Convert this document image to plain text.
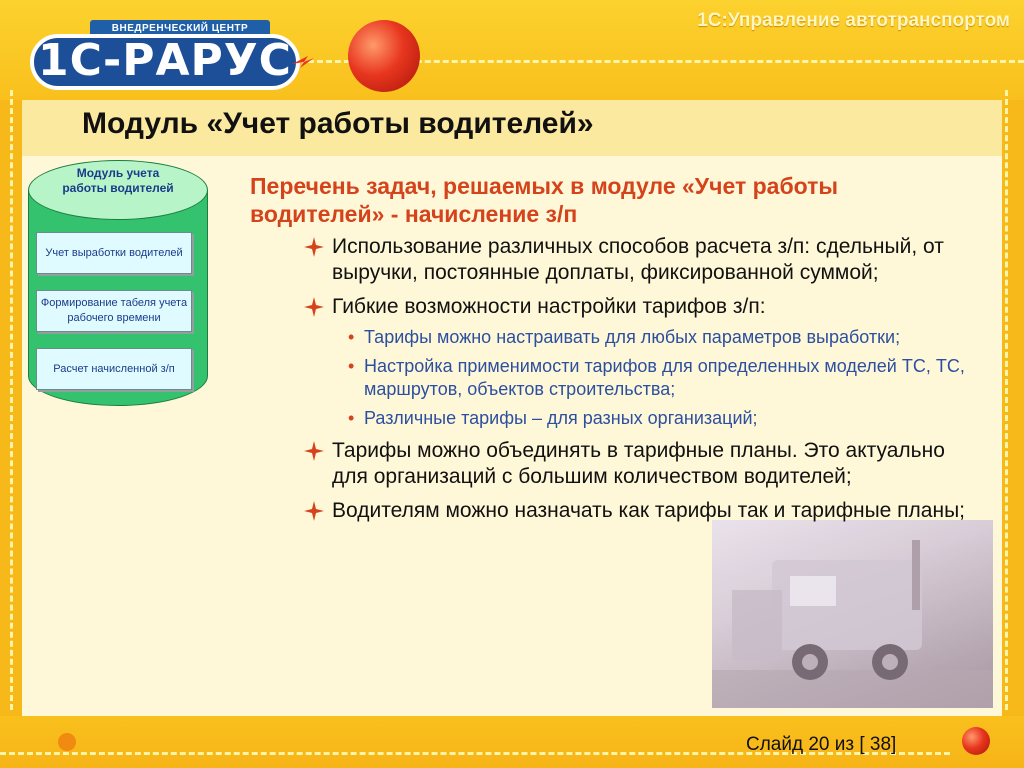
ВНЕДРЕНЧЕСКИЙ ЦЕНТР
1С-РАРУС
1С:Управление автотранспортом
Модуль «Учет работы водителей»
Модуль учета работы водителей
Учет выработки водителей
Формирование табеля учета рабочего времени
Расчет начисленной з/п
Перечень задач, решаемых в модуле «Учет работы водителей» - начисление з/п
Использование различных способов расчета з/п: сдельный, от выручки, постоянные доплаты, фиксированной суммой;
Гибкие возможности настройки тарифов з/п:
• Тарифы можно настраивать для любых параметров выработки;
• Настройка применимости тарифов для определенных моделей ТС, ТС, маршрутов, объектов строительства;
• Различные тарифы – для разных организаций;
Тарифы можно объединять в тарифные планы. Это актуально для организаций с большим количеством водителей;
Водителям можно назначать как тарифы так и тарифные планы;
Слайд 20 из [ 38]
